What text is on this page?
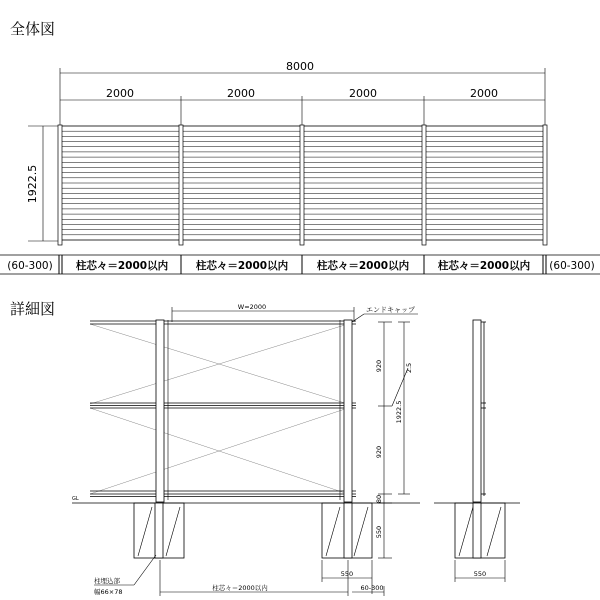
全体図
8000
2000	2000	2000	2000
1922.5
(60-300) 柱芯々＝2000以内	柱芯々＝2000以内	柱芯々＝2000以内	柱芯々＝2000以内 (60-300)
詳細図	W=2000	エンドキャップ
GL
920
920
80
550
1922.5
2.5
550
60-300
柱芯々＝2000以内
柱埋込部
幅66×78
550
